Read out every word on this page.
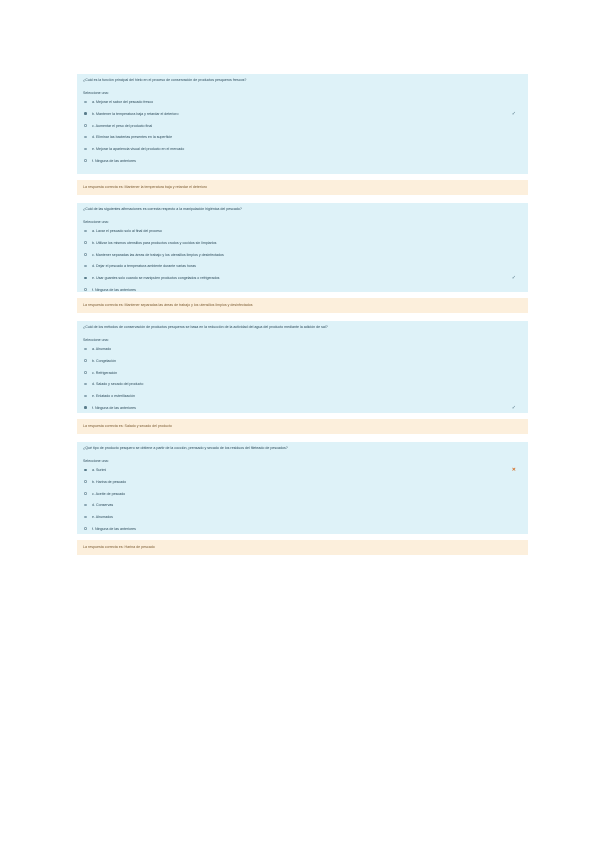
¿Cuál es la función principal del hielo en el proceso de conservación de productos pesqueros frescos?
Seleccione una:
a. Mejorar el sabor del pescado fresco
b. Mantener la temperatura baja y retardar el deterioro	✓
c. Aumentar el peso del producto final
d. Eliminar las bacterias presentes en la superficie
e. Mejorar la apariencia visual del producto en el mercado
f. Ninguna de las anteriores
La respuesta correcta es: Mantener la temperatura baja y retardar el deterioro
¿Cuál de las siguientes afirmaciones es correcta respecto a la manipulación higiénica del pescado?
Seleccione una:
a. Lavar el pescado solo al final del proceso
b. Utilizar los mismos utensilios para productos crudos y cocidos sin limpiarlos
c. Mantener separadas las áreas de trabajo y los utensilios limpios y desinfectados
d. Dejar el pescado a temperatura ambiente durante varias horas
e. Usar guantes solo cuando se manipulen productos congelados o refrigerados	✓
f. Ninguna de las anteriores
La respuesta correcta es: Mantener separadas las áreas de trabajo y los utensilios limpios y desinfectados
¿Cuál de los métodos de conservación de productos pesqueros se basa en la reducción de la actividad del agua del producto mediante la adición de sal?
Seleccione una:
a. Ahumado
b. Congelación
c. Refrigeración
d. Salado y secado del producto
e. Enlatado o esterilización
f. Ninguna de las anteriores	✓
La respuesta correcta es: Salado y secado del producto
¿Qué tipo de producto pesquero se obtiene a partir de la cocción, prensado y secado de los residuos del fileteado de pescados?
Seleccione una:
a. Surimi	✕
b. Harina de pescado
c. Aceite de pescado
d. Conservas
e. Ahumados
f. Ninguna de las anteriores
La respuesta correcta es: Harina de pescado
